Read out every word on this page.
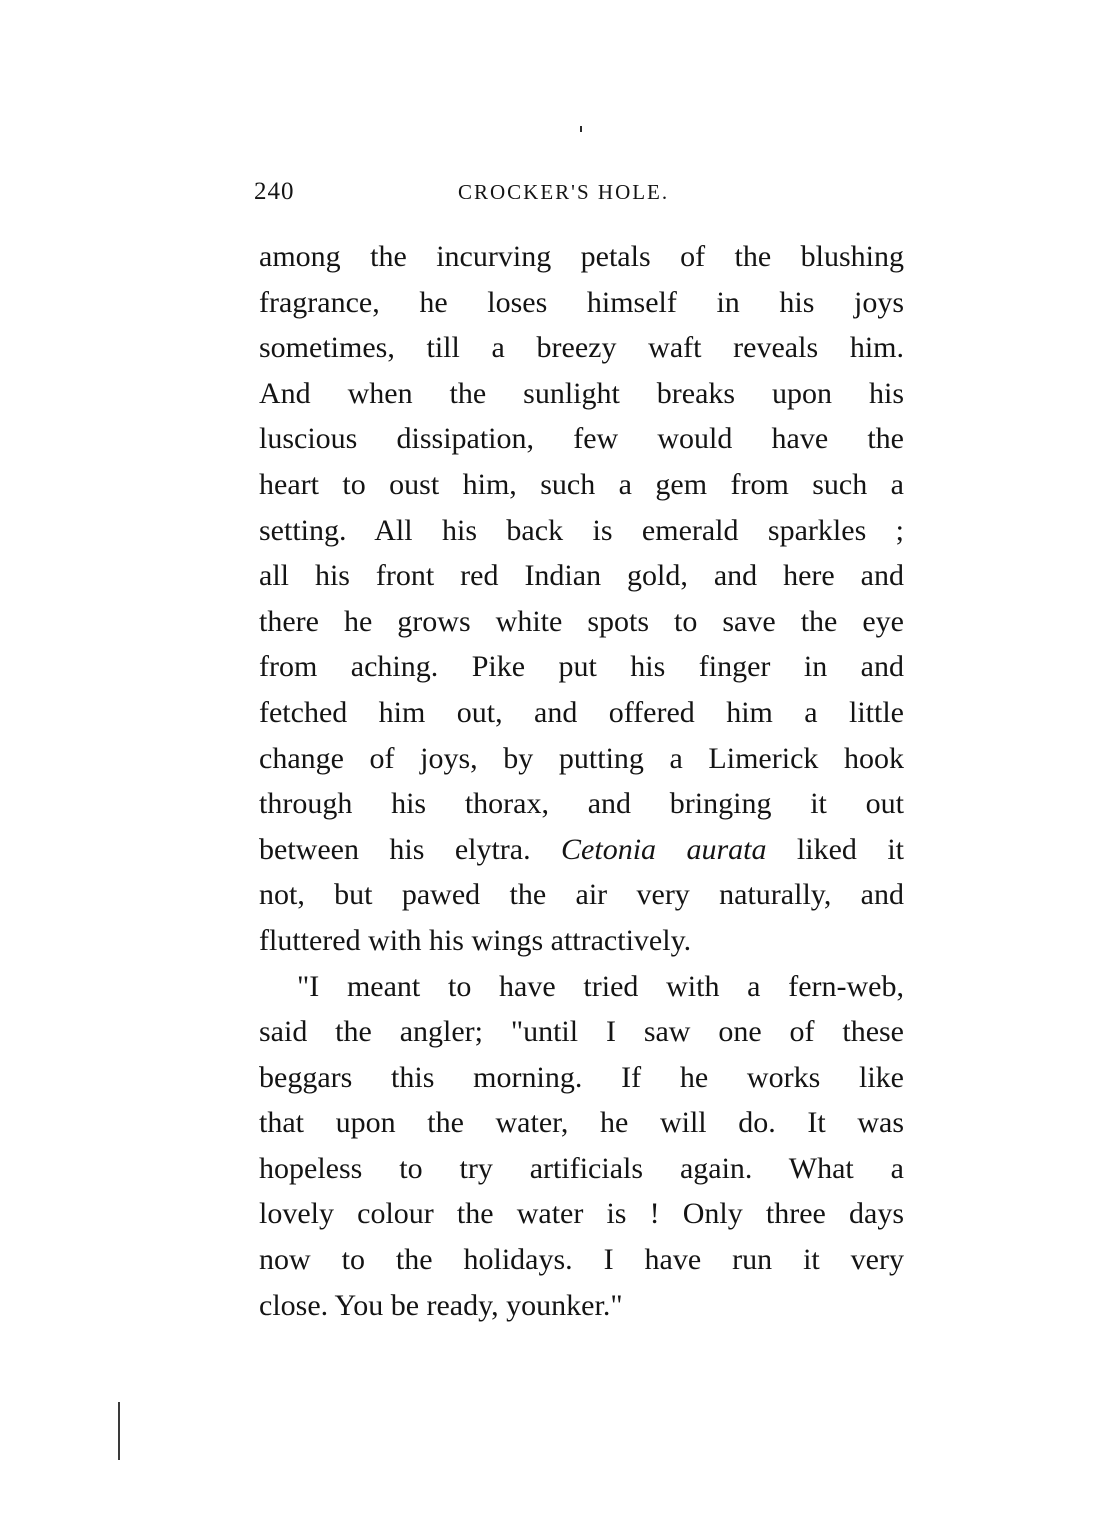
240	CROCKER'S HOLE.
among the incurving petals of the blushing
fragrance, he loses himself in his joys
sometimes, till a breezy waft reveals him.
And when the sunlight breaks upon his
luscious dissipation, few would have the
heart to oust him, such a gem from such a
setting. All his back is emerald sparkles ;
all his front red Indian gold, and here and
there he grows white spots to save the eye
from aching. Pike put his finger in and
fetched him out, and offered him a little
change of joys, by putting a Limerick hook
through his thorax, and bringing it out
between his elytra. Cetonia aurata liked it
not, but pawed the air very naturally, and
fluttered with his wings attractively.
"I meant to have tried with a fern-web,
said the angler; "until I saw one of these
beggars this morning. If he works like
that upon the water, he will do. It was
hopeless to try artificials again. What a
lovely colour the water is ! Only three days
now to the holidays. I have run it very
close. You be ready, younker."
